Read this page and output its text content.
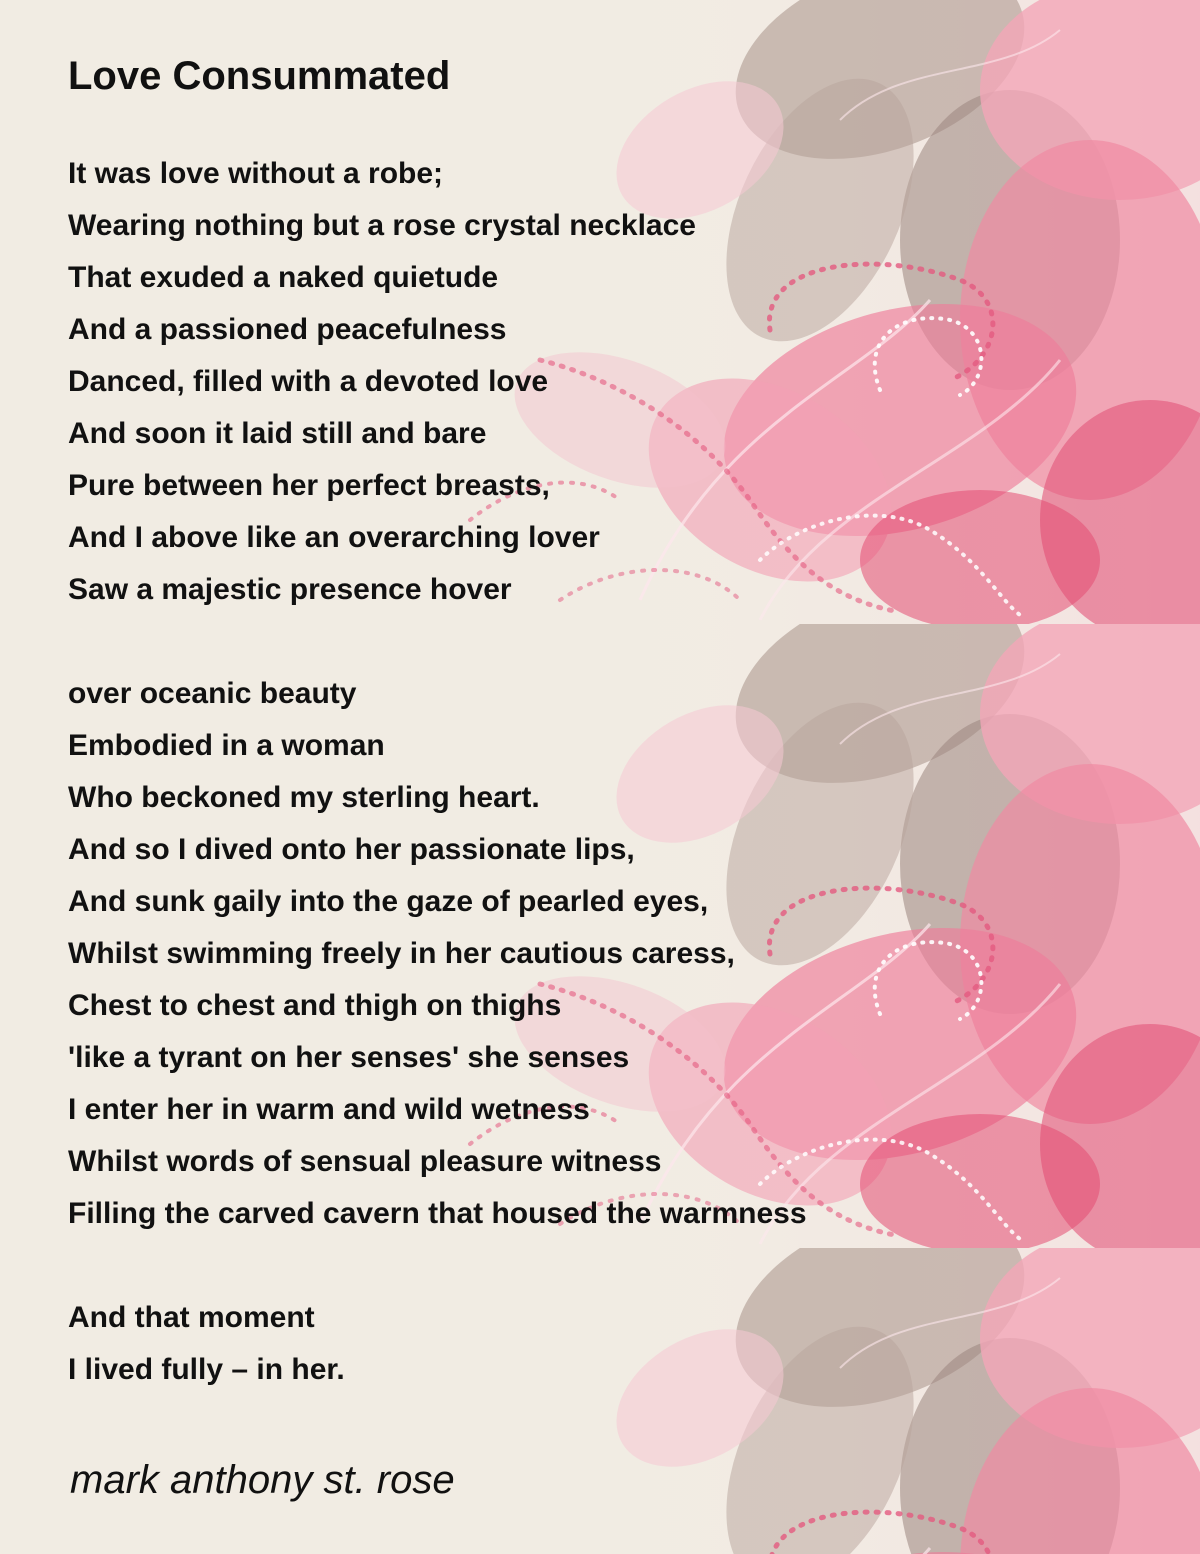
Love Consummated
It was love without a robe;
Wearing nothing but a rose crystal necklace
That exuded a naked quietude
And a passioned peacefulness
Danced, filled with a devoted love
And soon it laid still and bare
Pure between her perfect breasts,
And I above like an overarching lover
Saw a majestic presence hover
over oceanic beauty
Embodied in a woman
Who beckoned my sterling heart.
And so I dived onto her passionate lips,
And sunk gaily into the gaze of pearled eyes,
Whilst swimming freely in her cautious caress,
Chest to chest and thigh on thighs
'like a tyrant on her senses' she senses
I enter her in warm and wild wetness
Whilst words of sensual pleasure witness
Filling the carved cavern that housed the warmness
And that moment
I lived fully – in her.

mark anthony st. rose
